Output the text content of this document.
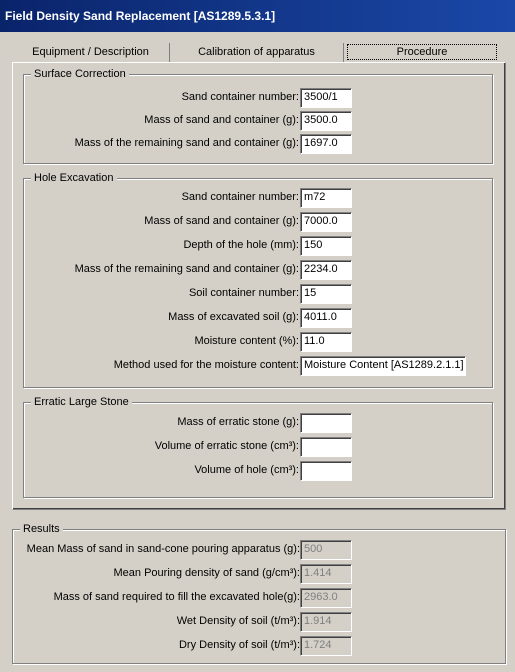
Field Density Sand Replacement [AS1289.5.3.1]
Equipment / Description	Calibration of apparatus	Procedure
Surface Correction
Sand container number: 3500/1
Mass of sand and container (g): 3500.0
Mass of the remaining sand and container (g): 1697.0
Hole Excavation
Sand container number: m72
Mass of sand and container (g): 7000.0
Depth of the hole (mm): 150
Mass of the remaining sand and container (g): 2234.0
Soil container number: 15
Mass of excavated soil (g): 4011.0
Moisture content (%): 11.0
Method used for the moisture content: Moisture Content [AS1289.2.1.1]
Erratic Large Stone
Mass of erratic stone (g):
Volume of erratic stone (cm³):
Volume of hole (cm³):
Results
Mean Mass of sand in sand-cone pouring apparatus (g): 500
Mean Pouring density of sand (g/cm³): 1.414
Mass of sand required to fill the excavated hole(g): 2963.0
Wet Density of soil (t/m³): 1.914
Dry Density of soil (t/m³): 1.724
